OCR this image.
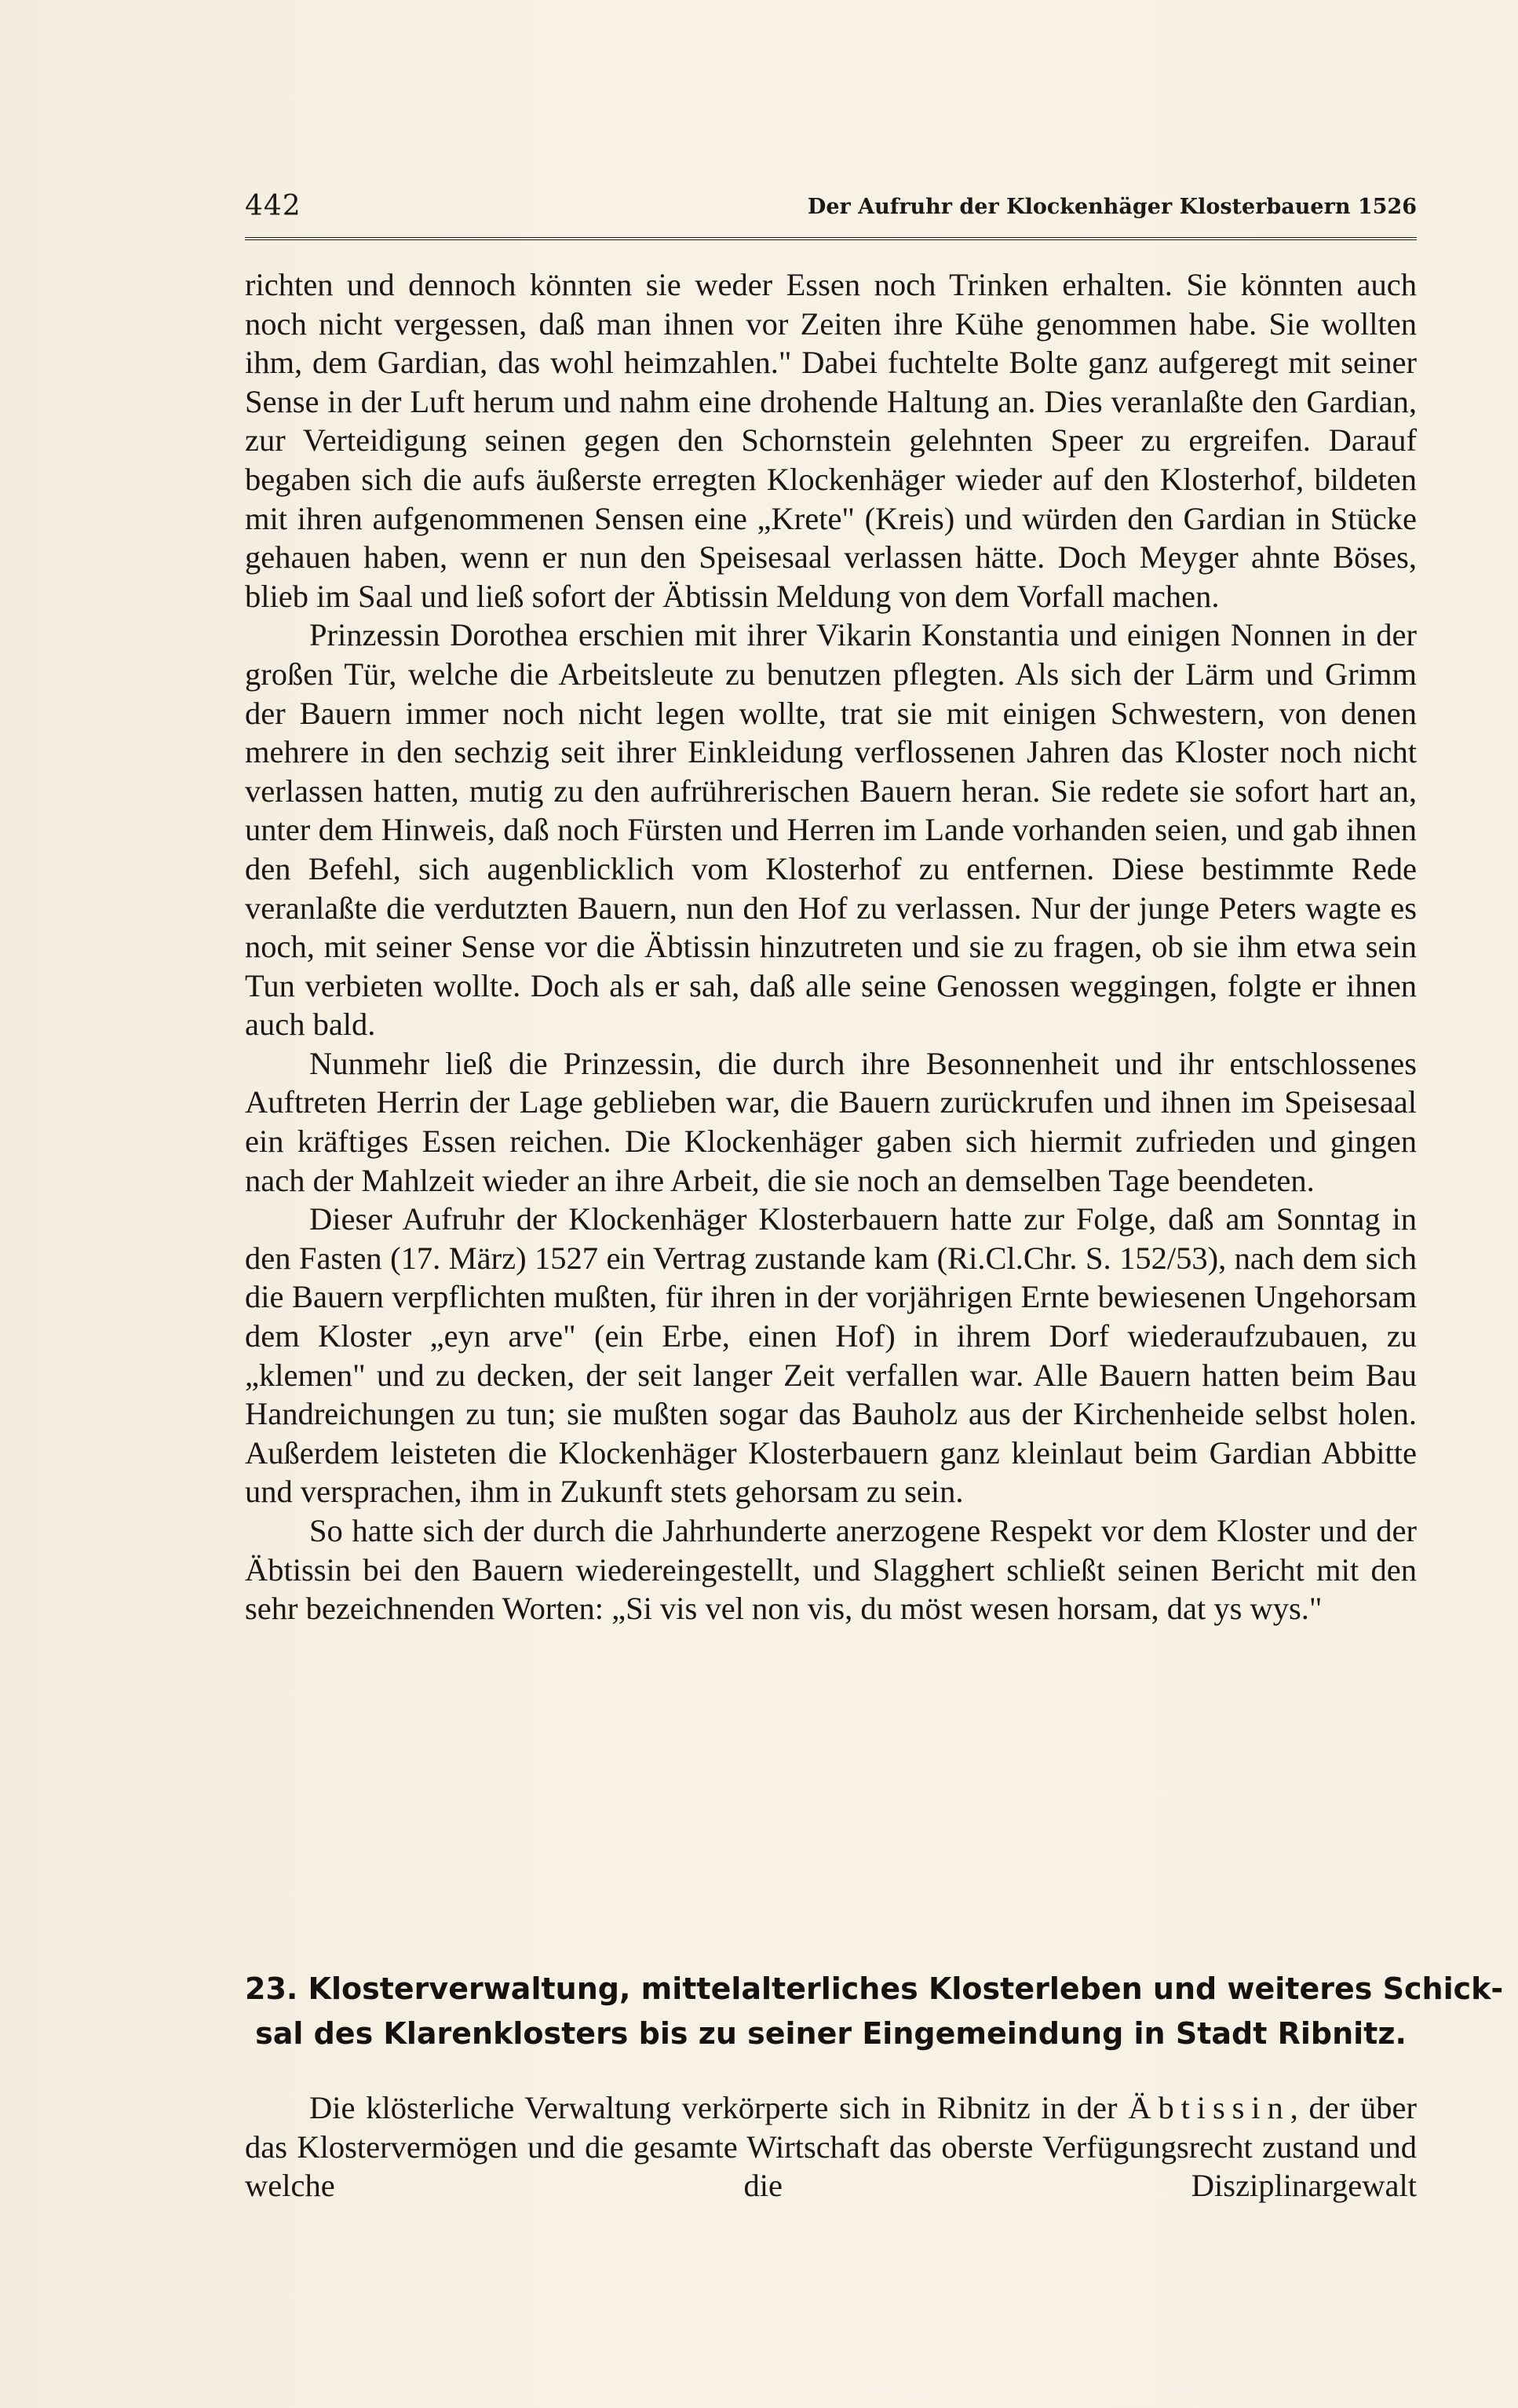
442	Der Aufruhr der Klockenhäger Klosterbauern 1526

richten und dennoch könnten sie weder Essen noch Trinken erhalten. Sie könnten auch noch nicht vergessen, daß man ihnen vor Zeiten ihre Kühe genommen habe. Sie wollten ihm, dem Gardian, das wohl heimzahlen." Dabei fuchtelte Bolte ganz aufgeregt mit seiner Sense in der Luft herum und nahm eine drohende Haltung an. Dies veranlaßte den Gardian, zur Verteidigung seinen gegen den Schornstein gelehnten Speer zu ergreifen. Darauf begaben sich die aufs äußerste erregten Klockenhäger wieder auf den Klosterhof, bildeten mit ihren aufgenommenen Sensen eine „Krete" (Kreis) und würden den Gardian in Stücke gehauen haben, wenn er nun den Speisesaal verlassen hätte. Doch Meyger ahnte Böses, blieb im Saal und ließ sofort der Äbtissin Meldung von dem Vorfall machen.

Prinzessin Dorothea erschien mit ihrer Vikarin Konstantia und einigen Nonnen in der großen Tür, welche die Arbeitsleute zu benutzen pflegten. Als sich der Lärm und Grimm der Bauern immer noch nicht legen wollte, trat sie mit einigen Schwestern, von denen mehrere in den sechzig seit ihrer Einkleidung verflossenen Jahren das Kloster noch nicht verlassen hatten, mutig zu den aufrührerischen Bauern heran. Sie redete sie sofort hart an, unter dem Hinweis, daß noch Fürsten und Herren im Lande vorhanden seien, und gab ihnen den Befehl, sich augenblicklich vom Klosterhof zu entfernen. Diese bestimmte Rede veranlaßte die verdutzten Bauern, nun den Hof zu verlassen. Nur der junge Peters wagte es noch, mit seiner Sense vor die Äbtissin hinzutreten und sie zu fragen, ob sie ihm etwa sein Tun verbieten wollte. Doch als er sah, daß alle seine Genossen weggingen, folgte er ihnen auch bald.

Nunmehr ließ die Prinzessin, die durch ihre Besonnenheit und ihr entschlossenes Auftreten Herrin der Lage geblieben war, die Bauern zurückrufen und ihnen im Speisesaal ein kräftiges Essen reichen. Die Klockenhäger gaben sich hiermit zufrieden und gingen nach der Mahlzeit wieder an ihre Arbeit, die sie noch an demselben Tage beendeten.

Dieser Aufruhr der Klockenhäger Klosterbauern hatte zur Folge, daß am Sonntag in den Fasten (17. März) 1527 ein Vertrag zustande kam (Ri.Cl.Chr. S. 152/53), nach dem sich die Bauern verpflichten mußten, für ihren in der vorjährigen Ernte bewiesenen Ungehorsam dem Kloster „eyn arve" (ein Erbe, einen Hof) in ihrem Dorf wiederaufzubauen, zu „klemen" und zu decken, der seit langer Zeit verfallen war. Alle Bauern hatten beim Bau Handreichungen zu tun; sie mußten sogar das Bauholz aus der Kirchenheide selbst holen. Außerdem leisteten die Klockenhäger Klosterbauern ganz kleinlaut beim Gardian Abbitte und versprachen, ihm in Zukunft stets gehorsam zu sein.

So hatte sich der durch die Jahrhunderte anerzogene Respekt vor dem Kloster und der Äbtissin bei den Bauern wiedereingestellt, und Slagghert schließt seinen Bericht mit den sehr bezeichnenden Worten: „Si vis vel non vis, du möst wesen horsam, dat ys wys."

23. Klosterverwaltung, mittelalterliches Klosterleben und weiteres Schick-
sal des Klarenklosters bis zu seiner Eingemeindung in Stadt Ribnitz.

Die klösterliche Verwaltung verkörperte sich in Ribnitz in der Äbtissin, der über das Klostervermögen und die gesamte Wirtschaft das oberste Verfügungsrecht zustand und welche die Disziplinargewalt
